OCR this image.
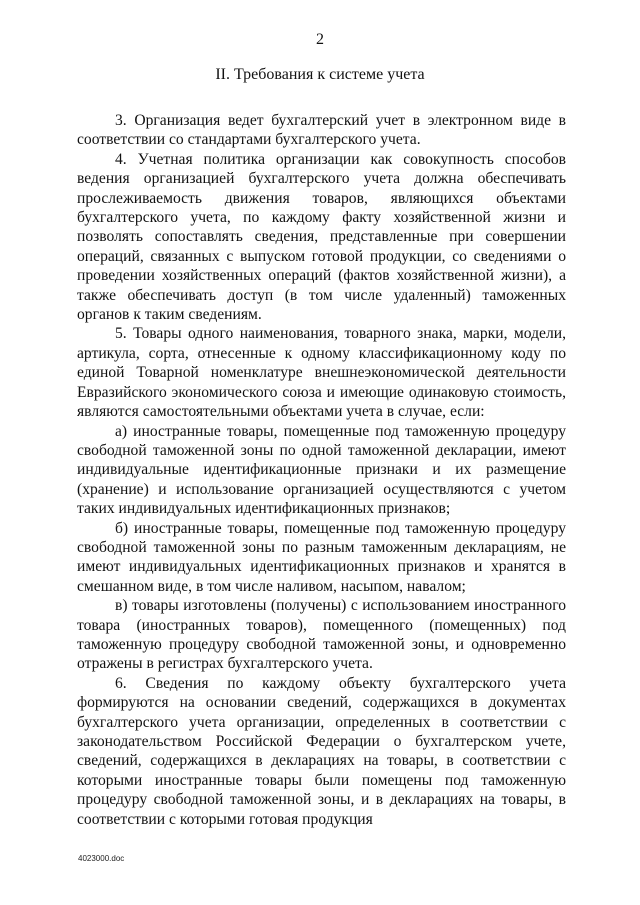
2
II. Требования к системе учета

3. Организация ведет бухгалтерский учет в электронном виде в соответствии со стандартами бухгалтерского учета.

4. Учетная политика организации как совокупность способов ведения организацией бухгалтерского учета должна обеспечивать прослеживаемость движения товаров, являющихся объектами бухгалтерского учета, по каждому факту хозяйственной жизни и позволять сопоставлять сведения, представленные при совершении операций, связанных с выпуском готовой продукции, со сведениями о проведении хозяйственных операций (фактов хозяйственной жизни), а также обеспечивать доступ (в том числе удаленный) таможенных органов к таким сведениям.

5. Товары одного наименования, товарного знака, марки, модели, артикула, сорта, отнесенные к одному классификационному коду по единой Товарной номенклатуре внешнеэкономической деятельности Евразийского экономического союза и имеющие одинаковую стоимость, являются самостоятельными объектами учета в случае, если:

а) иностранные товары, помещенные под таможенную процедуру свободной таможенной зоны по одной таможенной декларации, имеют индивидуальные идентификационные признаки и их размещение (хранение) и использование организацией осуществляются с учетом таких индивидуальных идентификационных признаков;

б) иностранные товары, помещенные под таможенную процедуру свободной таможенной зоны по разным таможенным декларациям, не имеют индивидуальных идентификационных признаков и хранятся в смешанном виде, в том числе наливом, насыпом, навалом;

в) товары изготовлены (получены) с использованием иностранного товара (иностранных товаров), помещенного (помещенных) под таможенную процедуру свободной таможенной зоны, и одновременно отражены в регистрах бухгалтерского учета.

6. Сведения по каждому объекту бухгалтерского учета формируются на основании сведений, содержащихся в документах бухгалтерского учета организации, определенных в соответствии с законодательством Российской Федерации о бухгалтерском учете, сведений, содержащихся в декларациях на товары, в соответствии с которыми иностранные товары были помещены под таможенную процедуру свободной таможенной зоны, и в декларациях на товары, в соответствии с которыми готовая продукция

4023000.doc
